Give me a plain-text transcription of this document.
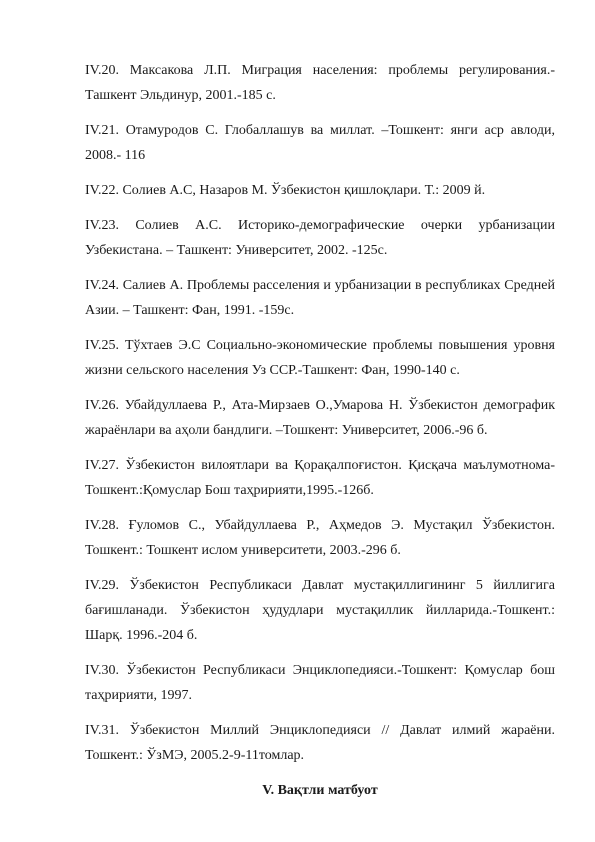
IV.20. Максакова Л.П. Миграция населения: проблемы регулирования.- Ташкент Эльдинур, 2001.-185 с.

IV.21. Отамуродов С. Глобаллашув ва миллат. –Тошкент: янги аср авлоди, 2008.- 116

IV.22. Солиев А.С, Назаров М. Ўзбекистон қишлоқлари. Т.: 2009 й.

IV.23. Солиев А.С. Историко-демографические очерки урбанизации Узбекистана. – Ташкент: Университет, 2002. -125с.

IV.24. Салиев А. Проблемы расселения и урбанизации в республиках Средней Азии. – Ташкент: Фан, 1991. -159с.

IV.25. Тўхтаев Э.С Социально-экономические проблемы повышения уровня жизни сельского населения Уз ССР.-Ташкент: Фан, 1990-140 с.

IV.26. Убайдуллаева Р., Ата-Мирзаев О.,Умарова Н. Ўзбекистон демографик жараёнлари ва аҳоли бандлиги. –Тошкент: Университет, 2006.-96 б.

IV.27. Ўзбекистон вилоятлари ва Қорақалпоғистон. Қисқача маълумотнома- Тошкент.:Қомуслар Бош таҳририяти,1995.-126б.

IV.28. Ғуломов С., Убайдуллаева Р., Аҳмедов Э. Мустақил Ўзбекистон. Тошкент.: Тошкент ислом университети, 2003.-296 б.

IV.29. Ўзбекистон Республикаси Давлат мустақиллигининг 5 йиллигига бағишланади. Ўзбекистон ҳудудлари мустақиллик йилларида.-Тошкент.: Шарқ. 1996.-204 б.

IV.30. Ўзбекистон Республикаси Энциклопедияси.-Тошкент: Қомуслар бош таҳририяти, 1997.

IV.31. Ўзбекистон Миллий Энциклопедияси // Давлат илмий жараёни. Тошкент.: ЎзМЭ, 2005.2-9-11томлар.

V. Вақтли матбуот
